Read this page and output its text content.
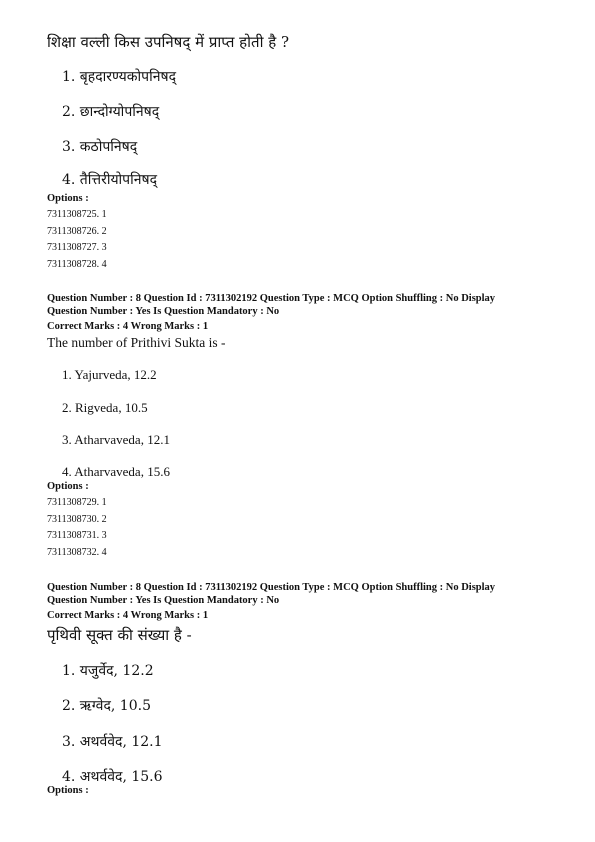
शिक्षा वल्ली किस उपनिषद् में प्राप्त होती है ?
1. बृहदारण्यकोपनिषद्
2. छान्दोग्योपनिषद्
3. कठोपनिषद्
4. तैत्तिरीयोपनिषद्
Options :
7311308725. 1
7311308726. 2
7311308727. 3
7311308728. 4
Question Number : 8 Question Id : 7311302192 Question Type : MCQ Option Shuffling : No Display
Question Number : Yes Is Question Mandatory : No
Correct Marks : 4 Wrong Marks : 1
The number of Prithivi Sukta is -
1. Yajurveda, 12.2
2. Rigveda, 10.5
3. Atharvaveda, 12.1
4. Atharvaveda, 15.6
Options :
7311308729. 1
7311308730. 2
7311308731. 3
7311308732. 4
Question Number : 8 Question Id : 7311302192 Question Type : MCQ Option Shuffling : No Display
Question Number : Yes Is Question Mandatory : No
Correct Marks : 4 Wrong Marks : 1
पृथिवी सूक्त की संख्या है -
1. यजुर्वेद, 12.2
2. ऋग्वेद, 10.5
3. अथर्ववेद, 12.1
4. अथर्ववेद, 15.6
Options :
